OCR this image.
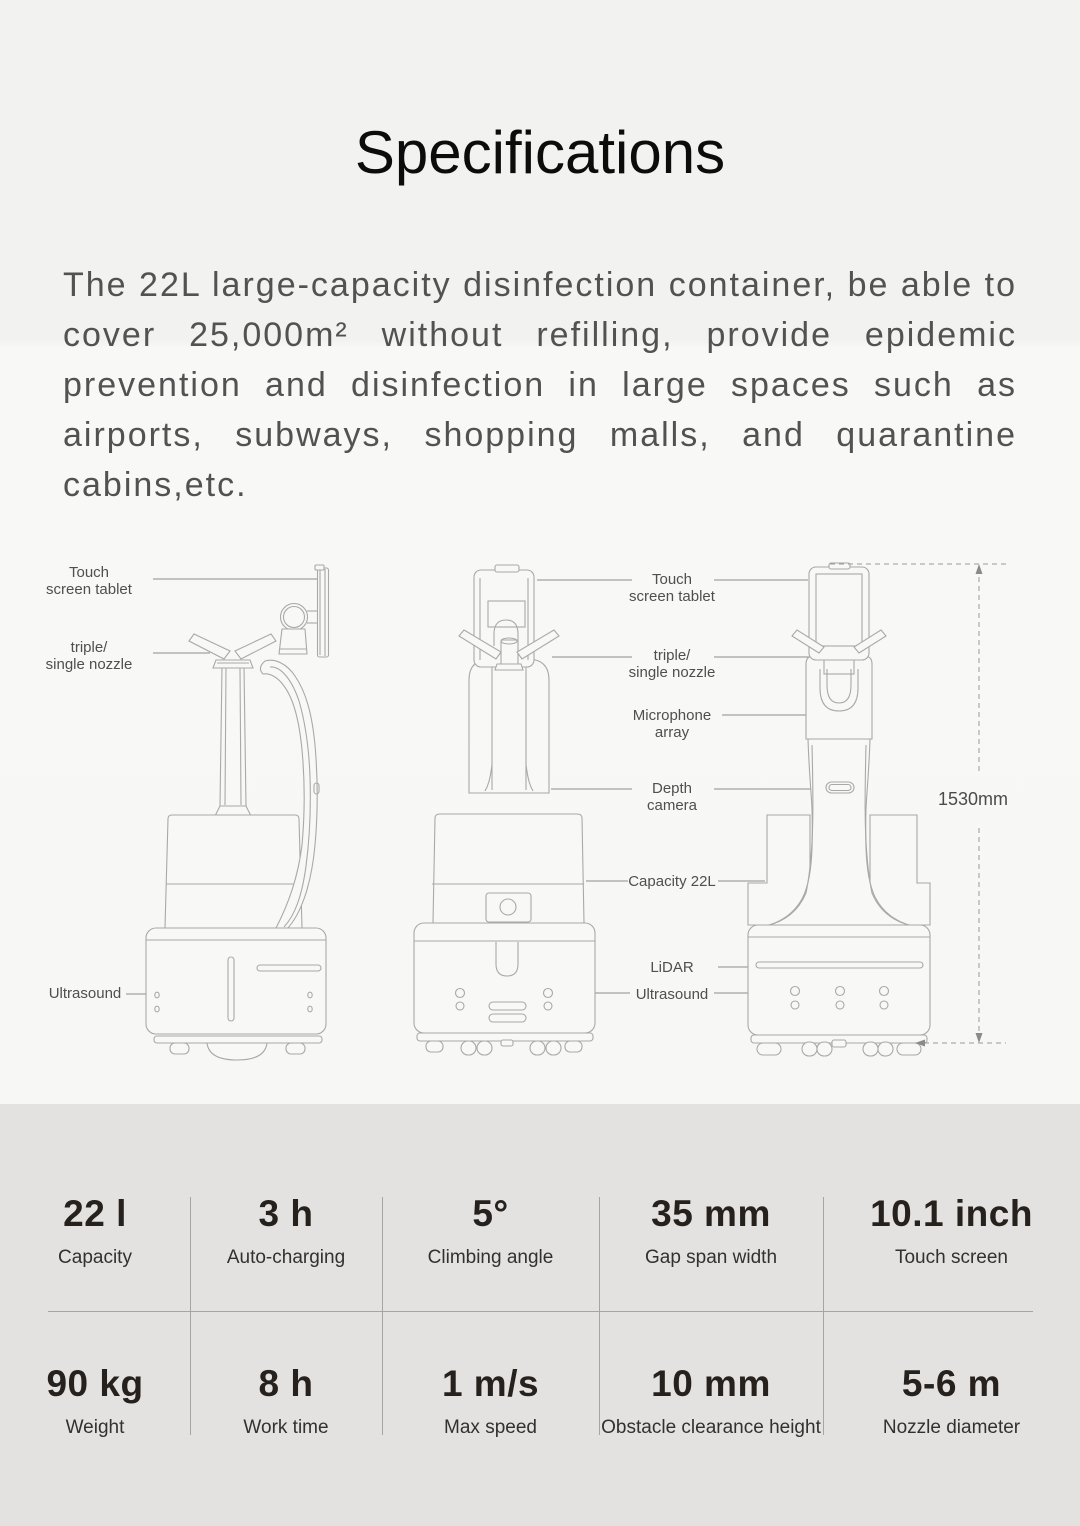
Specifications

The 22L large-capacity disinfection container, be able to cover 25,000m² without refilling, provide epidemic prevention and disinfection in large spaces such as airports, subways, shopping malls, and quarantine cabins,etc.

Touch
screen tablet
triple/
single nozzle
Ultrasound
Touch
screen tablet
triple/
single nozzle
Microphone
array
Depth
camera
Capacity 22L
LiDAR
Ultrasound
1530mm
22 l
Capacity
3 h
Auto-charging
5°
Climbing angle
35 mm
Gap span width
10.1 inch
Touch screen
90 kg
Weight
8 h
Work time
1 m/s
Max speed
10 mm
Obstacle clearance height
5-6 m
Nozzle diameter
